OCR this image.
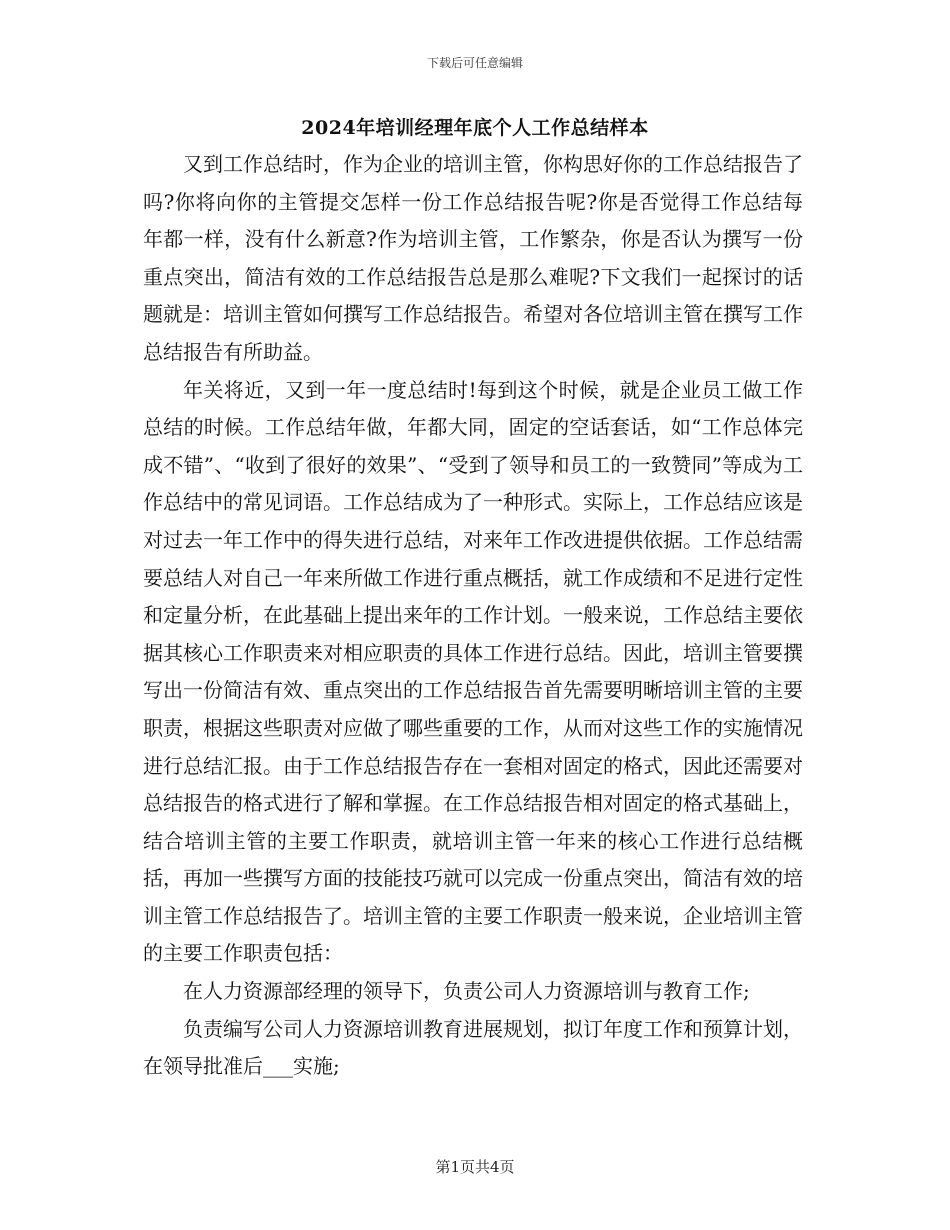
下载后可任意编辑
2024年培训经理年底个人工作总结样本

又到工作总结时，作为企业的培训主管，你构思好你的工作总结报告了吗?你将向你的主管提交怎样一份工作总结报告呢?你是否觉得工作总结每年都一样，没有什么新意?作为培训主管，工作繁杂，你是否认为撰写一份重点突出，简洁有效的工作总结报告总是那么难呢?下文我们一起探讨的话题就是：培训主管如何撰写工作总结报告。希望对各位培训主管在撰写工作总结报告有所助益。

年关将近，又到一年一度总结时!每到这个时候，就是企业员工做工作总结的时候。工作总结年做，年都大同，固定的空话套话，如“工作总体完成不错”、“收到了很好的效果”、“受到了领导和员工的一致赞同”等成为工作总结中的常见词语。工作总结成为了一种形式。实际上，工作总结应该是对过去一年工作中的得失进行总结，对来年工作改进提供依据。工作总结需要总结人对自己一年来所做工作进行重点概括，就工作成绩和不足进行定性和定量分析，在此基础上提出来年的工作计划。一般来说，工作总结主要依据其核心工作职责来对相应职责的具体工作进行总结。因此，培训主管要撰写出一份简洁有效、重点突出的工作总结报告首先需要明晰培训主管的主要职责，根据这些职责对应做了哪些重要的工作，从而对这些工作的实施情况进行总结汇报。由于工作总结报告存在一套相对固定的格式，因此还需要对总结报告的格式进行了解和掌握。在工作总结报告相对固定的格式基础上，结合培训主管的主要工作职责，就培训主管一年来的核心工作进行总结概括，再加一些撰写方面的技能技巧就可以完成一份重点突出，简洁有效的培训主管工作总结报告了。培训主管的主要工作职责一般来说，企业培训主管的主要工作职责包括：

在人力资源部经理的领导下，负责公司人力资源培训与教育工作;

负责编写公司人力资源培训教育进展规划，拟订年度工作和预算计划，在领导批准后___实施;

第1页共4页
